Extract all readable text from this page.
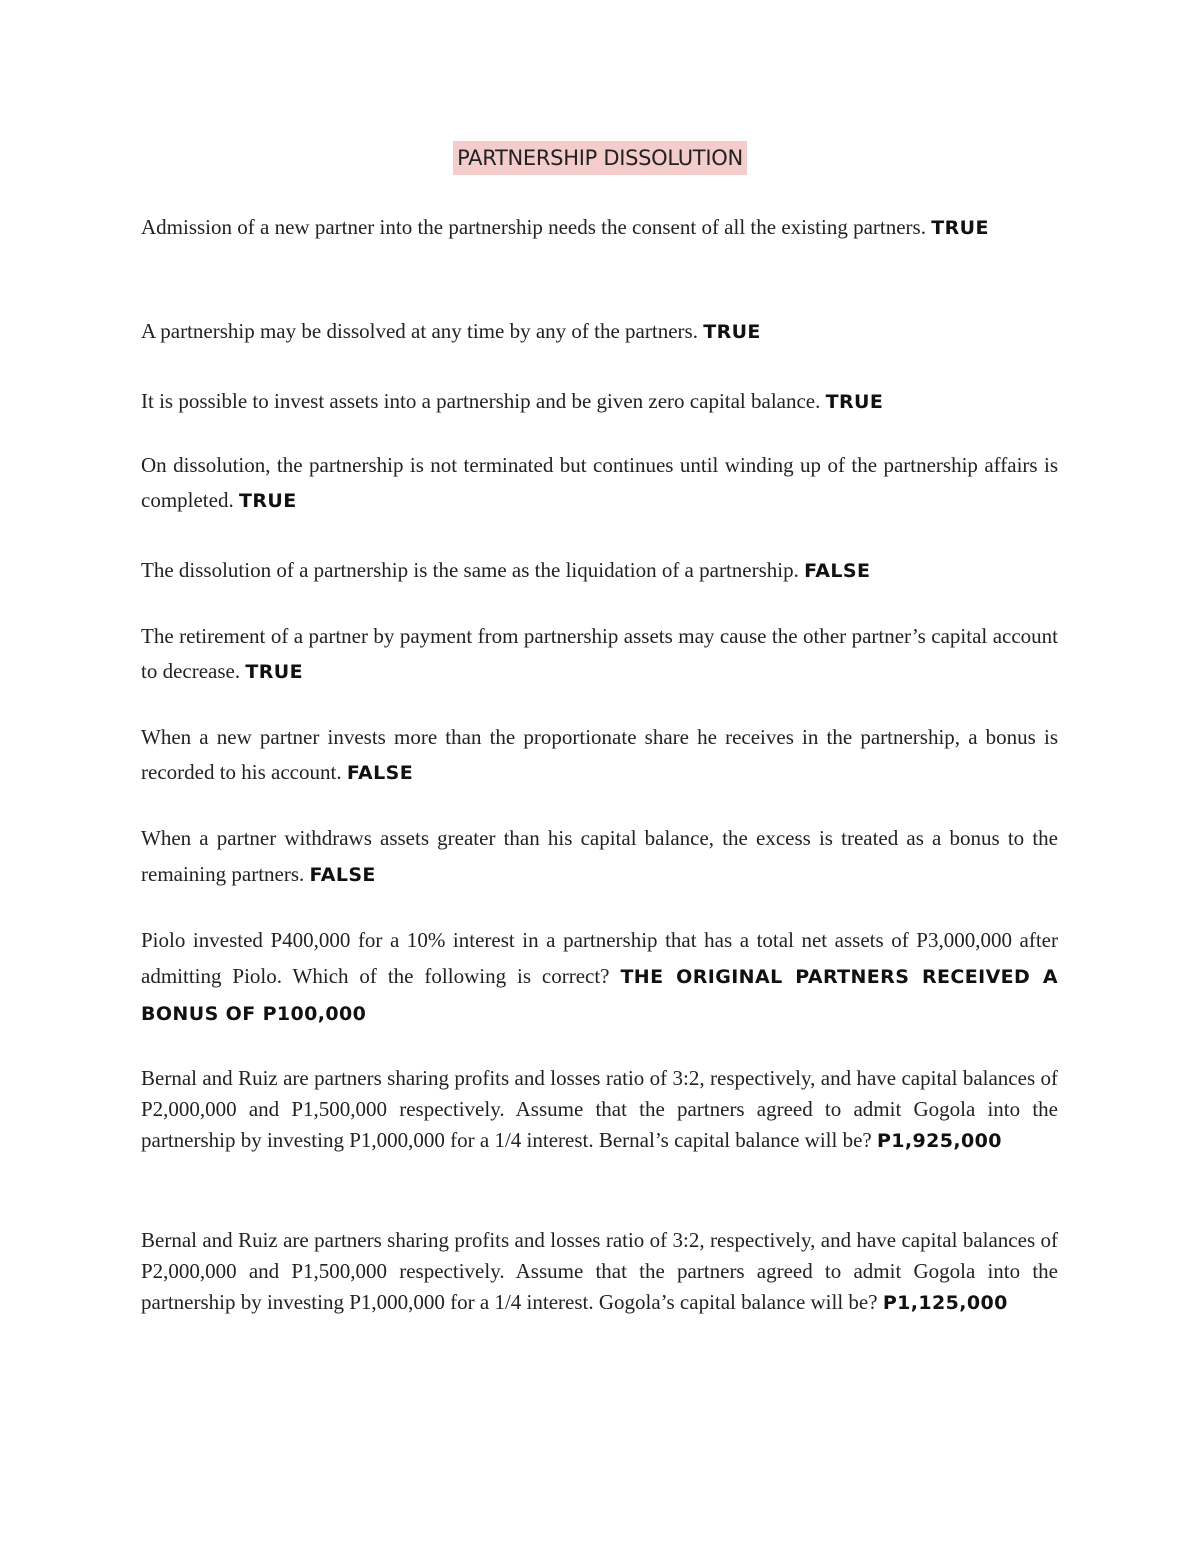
PARTNERSHIP DISSOLUTION

Admission of a new partner into the partnership needs the consent of all the existing partners. TRUE

A partnership may be dissolved at any time by any of the partners. TRUE

It is possible to invest assets into a partnership and be given zero capital balance. TRUE

On dissolution, the partnership is not terminated but continues until winding up of the partnership affairs is completed. TRUE

The dissolution of a partnership is the same as the liquidation of a partnership. FALSE

The retirement of a partner by payment from partnership assets may cause the other partner’s capital account to decrease. TRUE

When a new partner invests more than the proportionate share he receives in the partnership, a bonus is recorded to his account. FALSE

When a partner withdraws assets greater than his capital balance, the excess is treated as a bonus to the remaining partners. FALSE

Piolo invested P400,000 for a 10% interest in a partnership that has a total net assets of P3,000,000 after admitting Piolo. Which of the following is correct? THE ORIGINAL PARTNERS RECEIVED A BONUS OF P100,000

Bernal and Ruiz are partners sharing profits and losses ratio of 3:2, respectively, and have capital balances of P2,000,000 and P1,500,000 respectively. Assume that the partners agreed to admit Gogola into the partnership by investing P1,000,000 for a 1/4 interest. Bernal’s capital balance will be? P1,925,000

Bernal and Ruiz are partners sharing profits and losses ratio of 3:2, respectively, and have capital balances of P2,000,000 and P1,500,000 respectively. Assume that the partners agreed to admit Gogola into the partnership by investing P1,000,000 for a 1/4 interest. Gogola’s capital balance will be? P1,125,000
